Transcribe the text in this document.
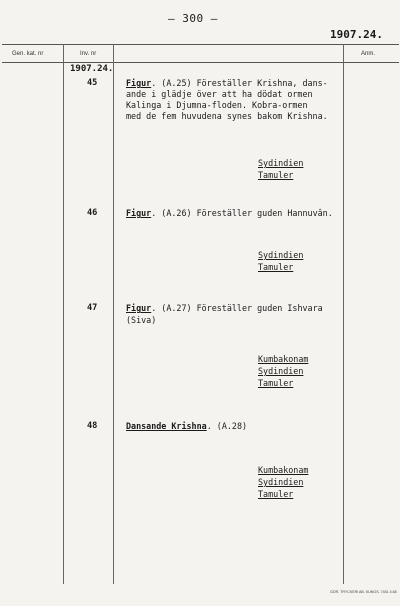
– 300 –
1907.24.
Gen. kat. nr	Inv. nr	Anm.
1907.24.
45	Figur. (A.25) Föreställer Krishna, dans-
ande i glädje över att ha dödat ormen
Kalinga i Djumna-floden. Kobra-ormen
med de fem huvudena synes bakom Krishna.
Sydindien
Tamuler
46	Figur. (A.26) Föreställer guden Hannuvân.
Sydindien
Tamuler
47	Figur. (A.27) Föreställer guden Ishvara
(Siva)
Kumbakonam
Sydindien
Tamuler
48	Dansande Krishna. (A.28)
Kumbakonam
Sydindien
Tamuler
GÖR. TRYCKERI AB. KUNGS. 7451 4.68
